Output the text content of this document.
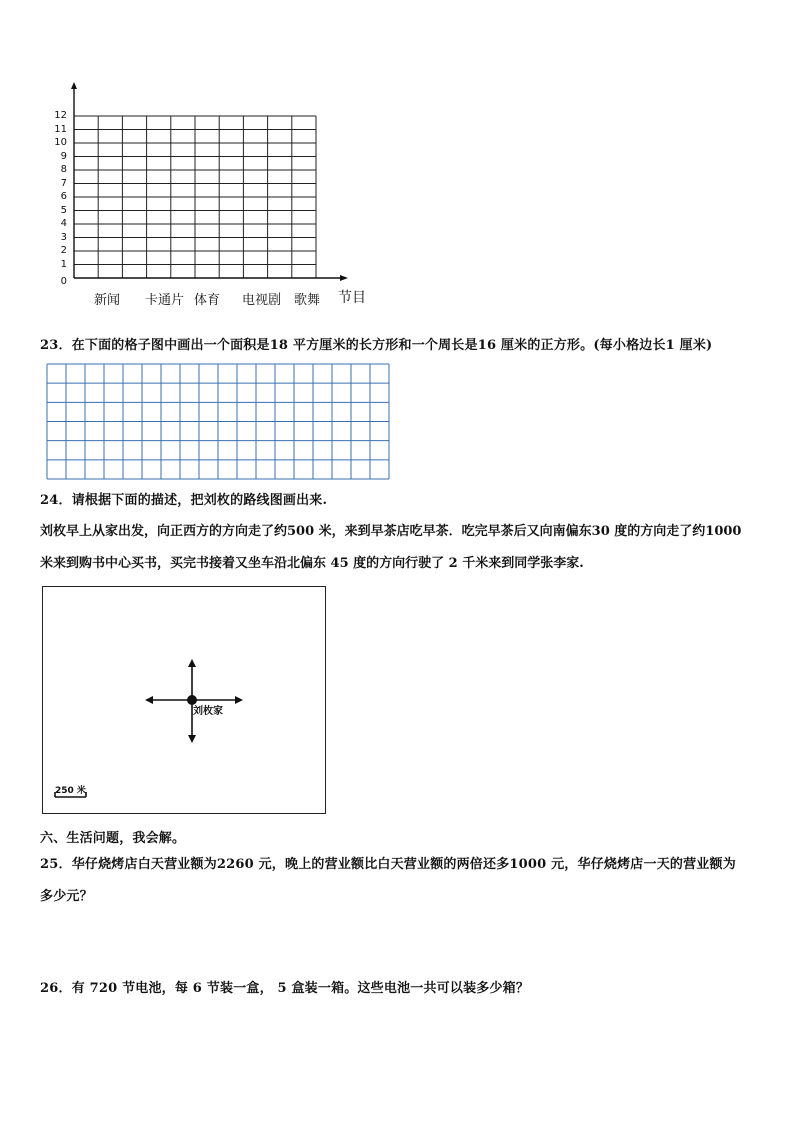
0
1
2
3
4
5
6
7
8
9
10
11
12
新闻 卡通片 体育 电视剧 歌舞 节目
23．在下面的格子图中画出一个面积是18 平方厘米的长方形和一个周长是16 厘米的正方形。(每小格边长1 厘米)
24．请根据下面的描述，把刘枚的路线图画出来.
刘枚早上从家出发，向正西方的方向走了约500 米，来到早茶店吃早茶．吃完早茶后又向南偏东30 度的方向走了约1000
米来到购书中心买书，买完书接着又坐车沿北偏东 45 度的方向行驶了 2 千米来到同学张李家.
刘枚家
250 米
六、生活问题，我会解。
25．华仔烧烤店白天营业额为2260 元，晚上的营业额比白天营业额的两倍还多1000 元，华仔烧烤店一天的营业额为
多少元？
26．有 720 节电池，每 6 节装一盒， 5 盒装一箱。这些电池一共可以装多少箱？
